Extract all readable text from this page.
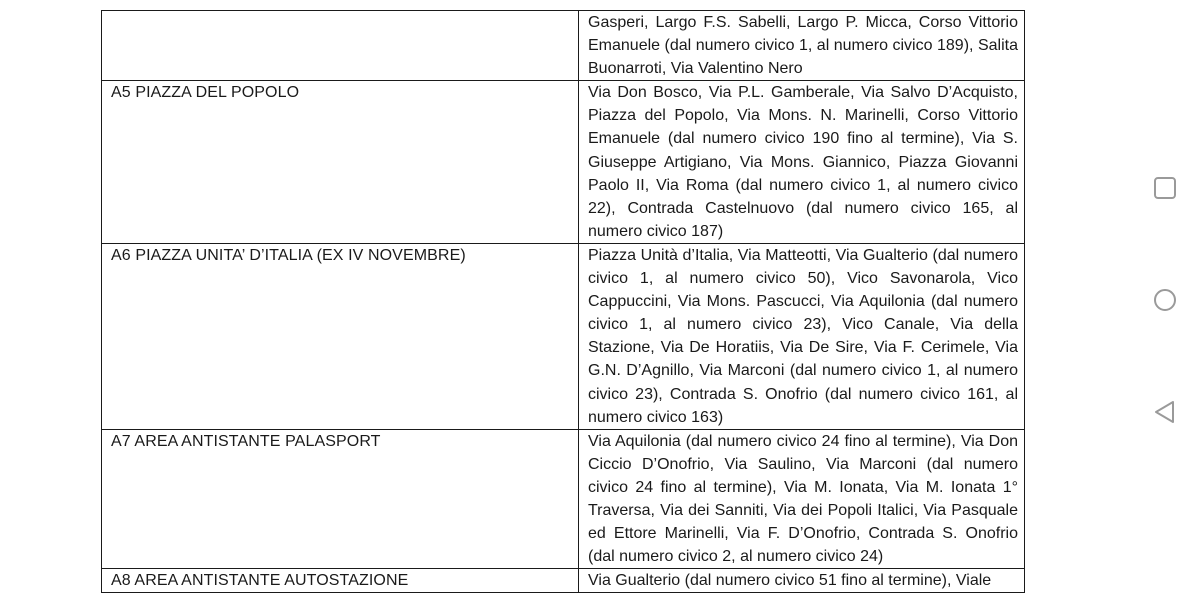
	Gasperi, Largo F.S. Sabelli, Largo P. Micca, Corso Vittorio Emanuele (dal numero civico 1, al numero civico 189), Salita Buonarroti, Via Valentino Nero
A5 PIAZZA DEL POPOLO	Via Don Bosco, Via P.L. Gamberale, Via Salvo D’Acquisto, Piazza del Popolo, Via Mons. N. Marinelli, Corso Vittorio Emanuele (dal numero civico 190 fino al termine), Via S. Giuseppe Artigiano, Via Mons. Giannico, Piazza Giovanni Paolo II, Via Roma (dal numero civico 1, al numero civico 22), Contrada Castelnuovo (dal numero civico 165, al numero civico 187)
A6 PIAZZA UNITA’ D’ITALIA (EX IV NOVEMBRE)	Piazza Unità d’Italia, Via Matteotti, Via Gualterio (dal numero civico 1, al numero civico 50), Vico Savonarola, Vico Cappuccini, Via Mons. Pascucci, Via Aquilonia (dal numero civico 1, al numero civico 23), Vico Canale, Via della Stazione, Via De Horatiis, Via De Sire, Via F. Cerimele, Via G.N. D’Agnillo, Via Marconi (dal numero civico 1, al numero civico 23), Contrada S. Onofrio (dal numero civico 161, al numero civico 163)
A7 AREA ANTISTANTE PALASPORT	Via Aquilonia (dal numero civico 24 fino al termine), Via Don Ciccio D’Onofrio, Via Saulino, Via Marconi (dal numero civico 24 fino al termine), Via M. Ionata, Via M. Ionata 1° Traversa, Via dei Sanniti, Via dei Popoli Italici, Via Pasquale ed Ettore Marinelli, Via F. D’Onofrio, Contrada S. Onofrio (dal numero civico 2, al numero civico 24)
A8 AREA ANTISTANTE AUTOSTAZIONE	Via Gualterio (dal numero civico 51 fino al termine), Viale
